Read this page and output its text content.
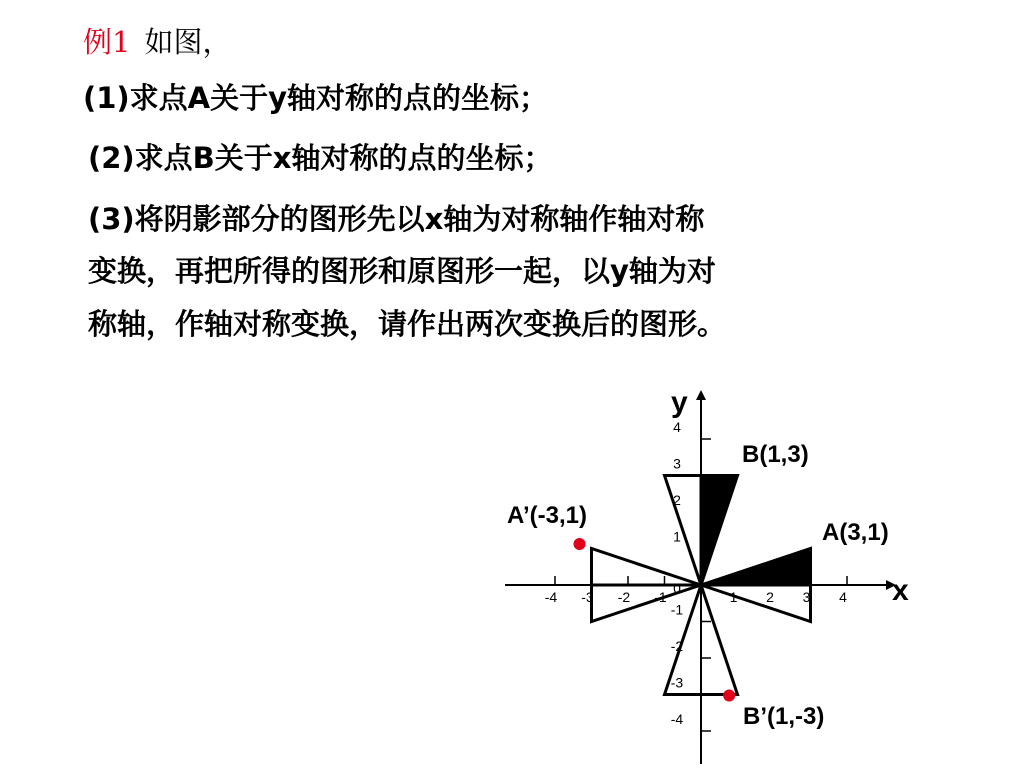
例1 如图，
(1)求点A关于y轴对称的点的坐标；
(2)求点B关于x轴对称的点的坐标；
(3)将阴影部分的图形先以x轴为对称轴作轴对称
变换，再把所得的图形和原图形一起，以y轴为对
称轴，作轴对称变换，请作出两次变换后的图形。
-4 -3 -2 -1	1 2 3 4
4
3
2
1
-1
-2
-3
-4
0	x
y
B(1,3)
A(3,1)
A’(-3,1)
B’(1,-3)
